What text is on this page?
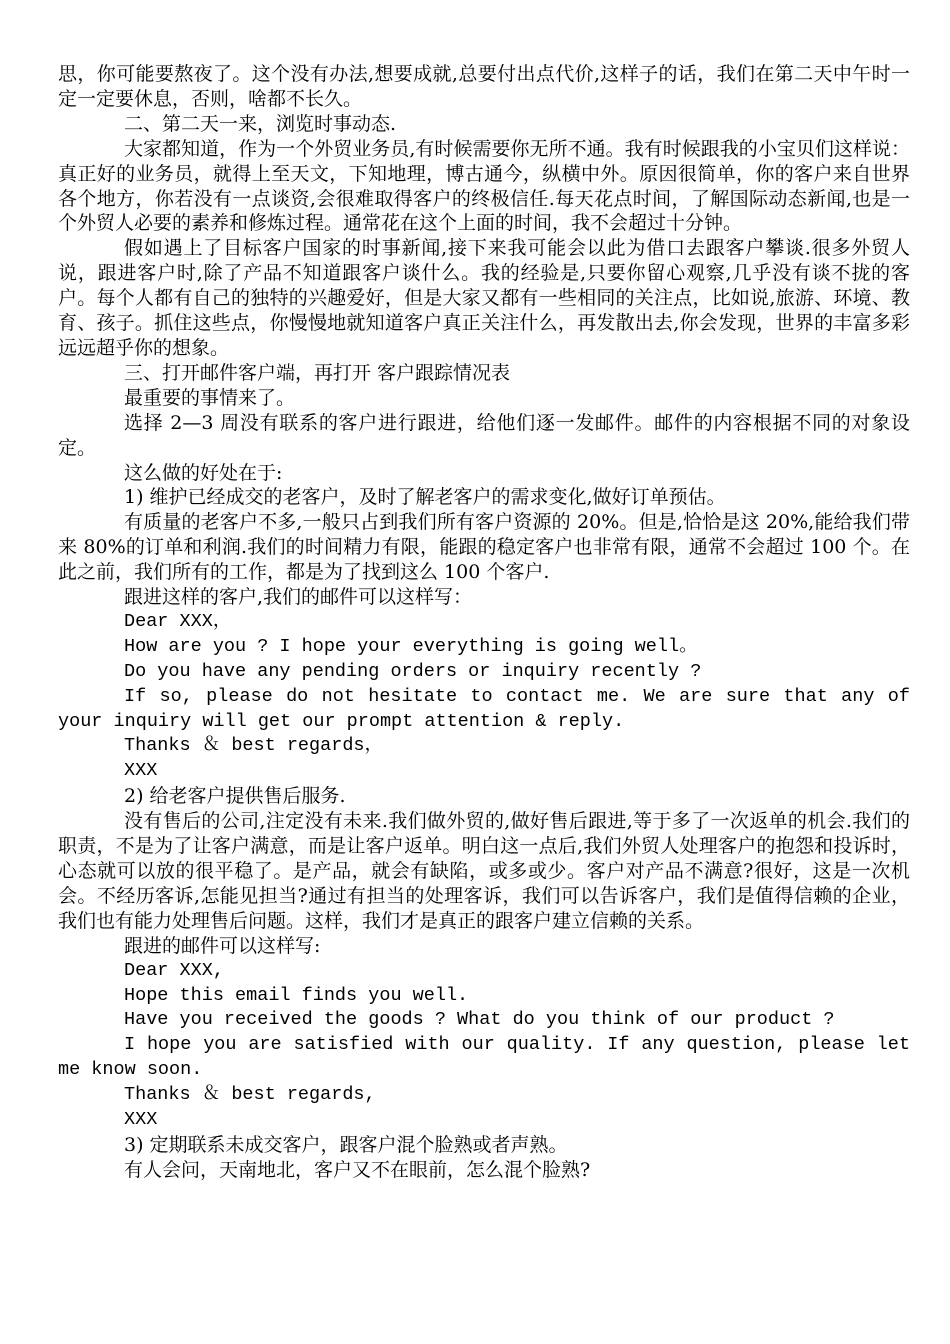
思，你可能要熬夜了。这个没有办法,想要成就,总要付出点代价,这样子的话，我们在第二天中午时一定一定要休息，否则，啥都不长久。

二、第二天一来，浏览时事动态.

大家都知道，作为一个外贸业务员,有时候需要你无所不通。我有时候跟我的小宝贝们这样说：真正好的业务员，就得上至天文，下知地理，博古通今，纵横中外。原因很简单，你的客户来自世界各个地方，你若没有一点谈资,会很难取得客户的终极信任.每天花点时间，了解国际动态新闻,也是一个外贸人必要的素养和修炼过程。通常花在这个上面的时间，我不会超过十分钟。

假如遇上了目标客户国家的时事新闻,接下来我可能会以此为借口去跟客户攀谈.很多外贸人说，跟进客户时,除了产品不知道跟客户谈什么。我的经验是,只要你留心观察,几乎没有谈不拢的客户。每个人都有自己的独特的兴趣爱好，但是大家又都有一些相同的关注点，比如说,旅游、环境、教育、孩子。抓住这些点，你慢慢地就知道客户真正关注什么，再发散出去,你会发现，世界的丰富多彩远远超乎你的想象。

三、打开邮件客户端，再打开 客户跟踪情况表

最重要的事情来了。

选择 2—3 周没有联系的客户进行跟进，给他们逐一发邮件。邮件的内容根据不同的对象设定。

这么做的好处在于:

1) 维护已经成交的老客户，及时了解老客户的需求变化,做好订单预估。

有质量的老客户不多,一般只占到我们所有客户资源的 20%。但是,恰恰是这 20%,能给我们带来 80%的订单和利润.我们的时间精力有限，能跟的稳定客户也非常有限，通常不会超过 100 个。在此之前，我们所有的工作，都是为了找到这么 100 个客户.

跟进这样的客户,我们的邮件可以这样写：

Dear XXX，

How are you ? I hope your everything is going well。

Do you have any pending orders or inquiry recently ?

If so, please do not hesitate to contact me. We are sure that any of your inquiry will get our prompt attention & reply.

Thanks ＆ best regards，

XXX

2) 给老客户提供售后服务.

没有售后的公司,注定没有未来.我们做外贸的,做好售后跟进,等于多了一次返单的机会.我们的职责，不是为了让客户满意，而是让客户返单。明白这一点后,我们外贸人处理客户的抱怨和投诉时，心态就可以放的很平稳了。是产品，就会有缺陷，或多或少。客户对产品不满意?很好，这是一次机会。不经历客诉,怎能见担当?通过有担当的处理客诉，我们可以告诉客户，我们是值得信赖的企业，我们也有能力处理售后问题。这样，我们才是真正的跟客户建立信赖的关系。

跟进的邮件可以这样写:

Dear XXX,

Hope this email finds you well.

Have you received the goods ? What do you think of our product ?

I hope you are satisfied with our quality. If any question, please let me know soon.

Thanks ＆ best regards,

XXX

3) 定期联系未成交客户，跟客户混个脸熟或者声熟。

有人会问，天南地北，客户又不在眼前，怎么混个脸熟?
